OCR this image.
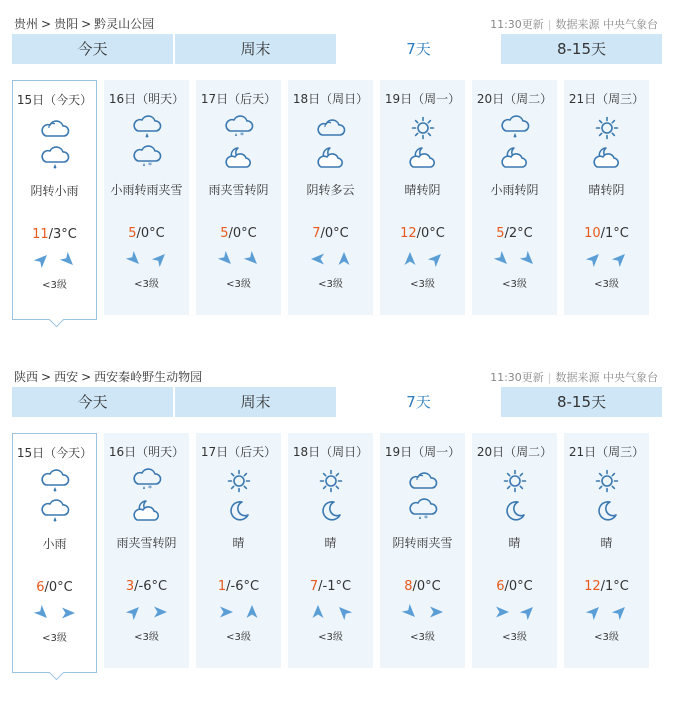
贵州 > 贵阳 > 黔灵山公园	11:30更新 | 数据来源 中央气象台
今天	周末	7天	8-15天
15日（今天）
阴转小雨
11/3°C
<3级
16日（明天）
*
小雨转雨夹雪
5/0°C
<3级
17日（后天）
*
雨夹雪转阴
5/0°C
<3级
18日（周日）
阴转多云
7/0°C
<3级
19日（周一）
晴转阴
12/0°C
<3级
20日（周二）
小雨转阴
5/2°C
<3级
21日（周三）
晴转阴
10/1°C
<3级
陕西 > 西安 > 西安秦岭野生动物园	11:30更新 | 数据来源 中央气象台
今天	周末	7天	8-15天
15日（今天）
小雨
6/0°C
<3级
16日（明天）
*
雨夹雪转阴
3/-6°C
<3级
17日（后天）
晴
1/-6°C
<3级
18日（周日）
晴
7/-1°C
<3级
19日（周一）
*
阴转雨夹雪
8/0°C
<3级
20日（周二）
晴
6/0°C
<3级
21日（周三）
晴
12/1°C
<3级
